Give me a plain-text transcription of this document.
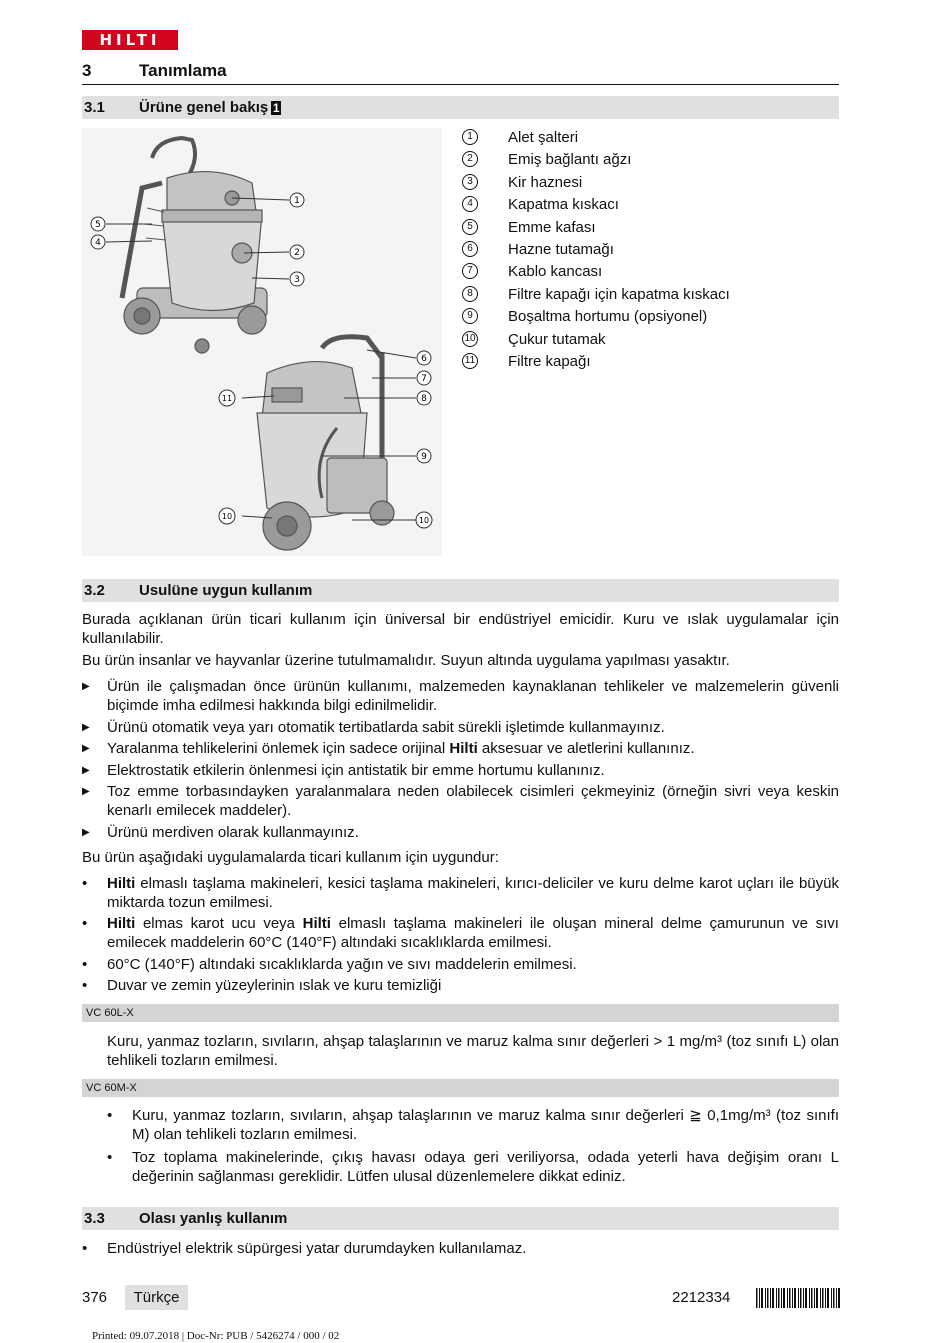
HILTI
3	Tanımlama
3.1 Ürüne genel bakış 1
1
2
3
5
4
6
7
8
9
11
10	10
1	Alet şalteri
2	Emiş bağlantı ağzı
3	Kir haznesi
4	Kapatma kıskacı
5	Emme kafası
6	Hazne tutamağı
7	Kablo kancası
8	Filtre kapağı için kapatma kıskacı
9	Boşaltma hortumu (opsiyonel)
10 Çukur tutamak
11 Filtre kapağı
3.2 Usulüne uygun kullanım
Burada açıklanan ürün ticari kullanım için üniversal bir endüstriyel emicidir. Kuru ve ıslak uygulamalar için kullanılabilir.
Bu ürün insanlar ve hayvanlar üzerine tutulmamalıdır. Suyun altında uygulama yapılması yasaktır.
▶ Ürün ile çalışmadan önce ürünün kullanımı, malzemeden kaynaklanan tehlikeler ve malzemelerin güvenli biçimde imha edilmesi hakkında bilgi edinilmelidir.
▶ Ürünü otomatik veya yarı otomatik tertibatlarda sabit sürekli işletimde kullanmayınız.
▶ Yaralanma tehlikelerini önlemek için sadece orijinal Hilti aksesuar ve aletlerini kullanınız.
▶ Elektrostatik etkilerin önlenmesi için antistatik bir emme hortumu kullanınız.
▶ Toz emme torbasındayken yaralanmalara neden olabilecek cisimleri çekmeyiniz (örneğin sivri veya keskin kenarlı emilecek maddeler).
▶ Ürünü merdiven olarak kullanmayınız.
Bu ürün aşağıdaki uygulamalarda ticari kullanım için uygundur:
• Hilti elmaslı taşlama makineleri, kesici taşlama makineleri, kırıcı-deliciler ve kuru delme karot uçları ile büyük miktarda tozun emilmesi.
• Hilti elmas karot ucu veya Hilti elmaslı taşlama makineleri ile oluşan mineral delme çamurunun ve sıvı emilecek maddelerin 60°C (140°F) altındaki sıcaklıklarda emilmesi.
• 60°C (140°F) altındaki sıcaklıklarda yağın ve sıvı maddelerin emilmesi.
• Duvar ve zemin yüzeylerinin ıslak ve kuru temizliği
VC 60L-X
Kuru, yanmaz tozların, sıvıların, ahşap talaşlarının ve maruz kalma sınır değerleri > 1 mg/m³ (toz sınıfı L) olan tehlikeli tozların emilmesi.
VC 60M-X
• Kuru, yanmaz tozların, sıvıların, ahşap talaşlarının ve maruz kalma sınır değerleri ≧ 0,1mg/m³ (toz sınıfı M) olan tehlikeli tozların emilmesi.
• Toz toplama makinelerinde, çıkış havası odaya geri veriliyorsa, odada yeterli hava değişim oranı L değerinin sağlanması gereklidir. Lütfen ulusal düzenlemelere dikkat ediniz.
3.3 Olası yanlış kullanım
• Endüstriyel elektrik süpürgesi yatar durumdayken kullanılamaz.
376	Türkçe	2212334
Printed: 09.07.2018 | Doc-Nr: PUB / 5426274 / 000 / 02
